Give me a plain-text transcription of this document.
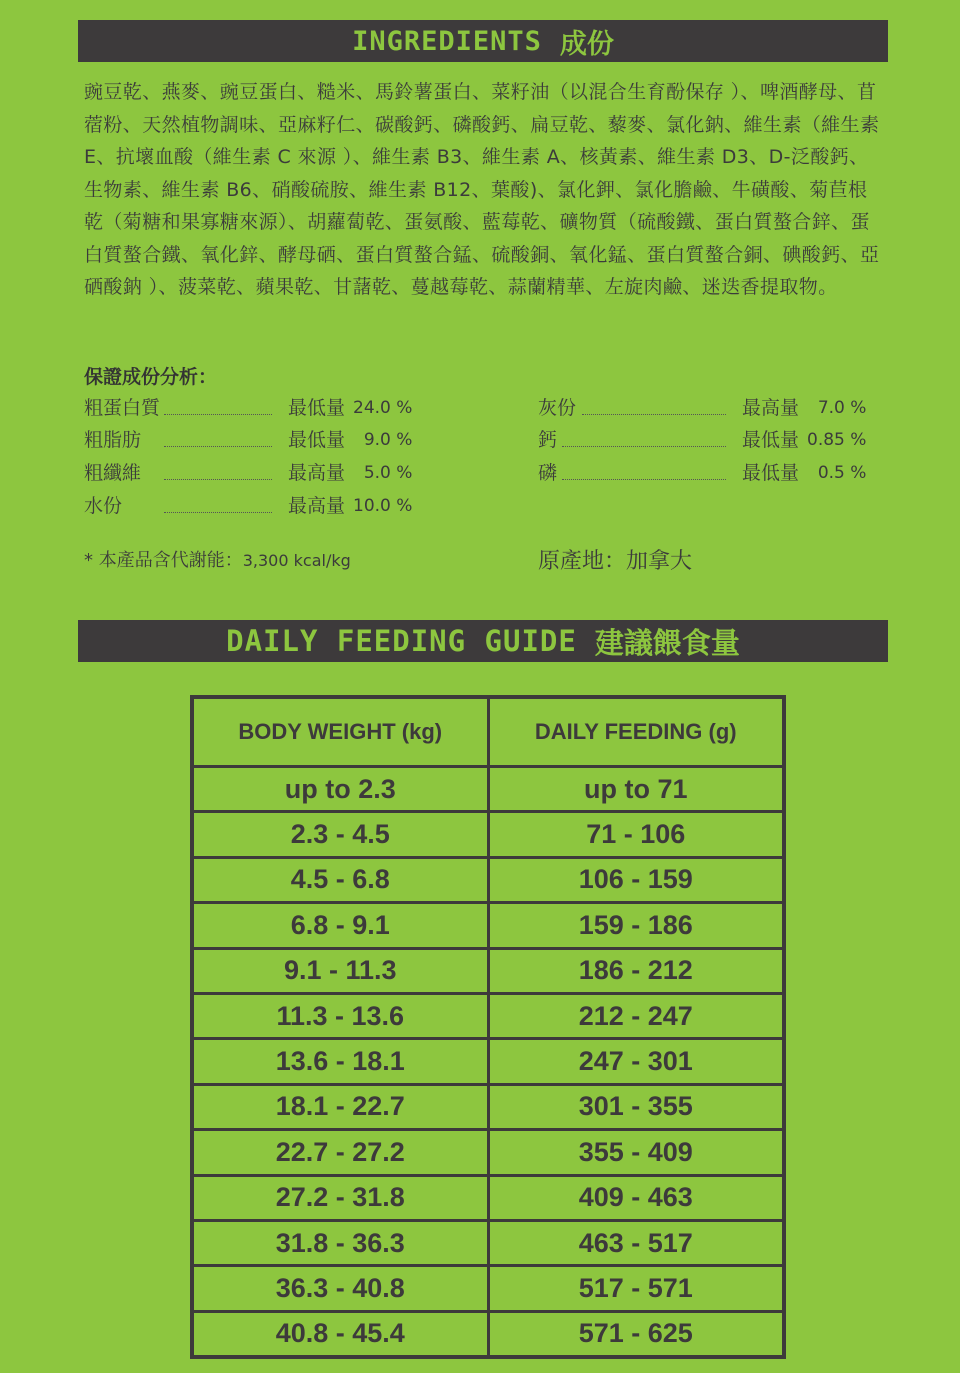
INGREDIENTS 成份
豌豆乾、燕麥、豌豆蛋白、糙米、馬鈴薯蛋白、菜籽油（以混合生育酚保存 ）、啤酒酵母、苜蓿粉、天然植物調味、亞麻籽仁、碳酸鈣、磷酸鈣、扁豆乾、藜麥、氯化鈉、維生素（維生素 E、抗壞血酸（維生素 C 來源 ）、維生素 B3、維生素 A、核黃素、維生素 D3、D-泛酸鈣、生物素、維生素 B6、硝酸硫胺、維生素 B12、葉酸)、氯化鉀、氯化膽鹼、牛磺酸、菊苣根乾（菊糖和果寡糖來源）、胡蘿蔔乾、蛋氨酸、藍莓乾、礦物質（硫酸鐵、蛋白質螯合鋅、蛋白質螯合鐵、氧化鋅、酵母硒、蛋白質螯合錳、硫酸銅、氧化錳、蛋白質螯合銅、碘酸鈣、亞硒酸鈉 ）、菠菜乾、蘋果乾、甘藷乾、蔓越莓乾、蒜蘭精華、左旋肉鹼、迷迭香提取物。
保證成份分析：
粗蛋白質	最低量 24.0 %
粗脂肪	最低量 9.0 %
粗纖維	最高量 5.0 %
水份	最高量 10.0 %
灰份	最高量 7.0 %
鈣	最低量 0.85 %
磷	最低量 0.5 %
* 本產品含代謝能：3,300 kcal/kg	原產地：加拿大
DAILY FEEDING GUIDE 建議餵食量
BODY WEIGHT (kg)	DAILY FEEDING (g)
up to 2.3	up to 71
2.3 - 4.5	71 - 106
4.5 - 6.8	106 - 159
6.8 - 9.1	159 - 186
9.1 - 11.3	186 - 212
11.3 - 13.6	212 - 247
13.6 - 18.1	247 - 301
18.1 - 22.7	301 - 355
22.7 - 27.2	355 - 409
27.2 - 31.8	409 - 463
31.8 - 36.3	463 - 517
36.3 - 40.8	517 - 571
40.8 - 45.4	571 - 625
